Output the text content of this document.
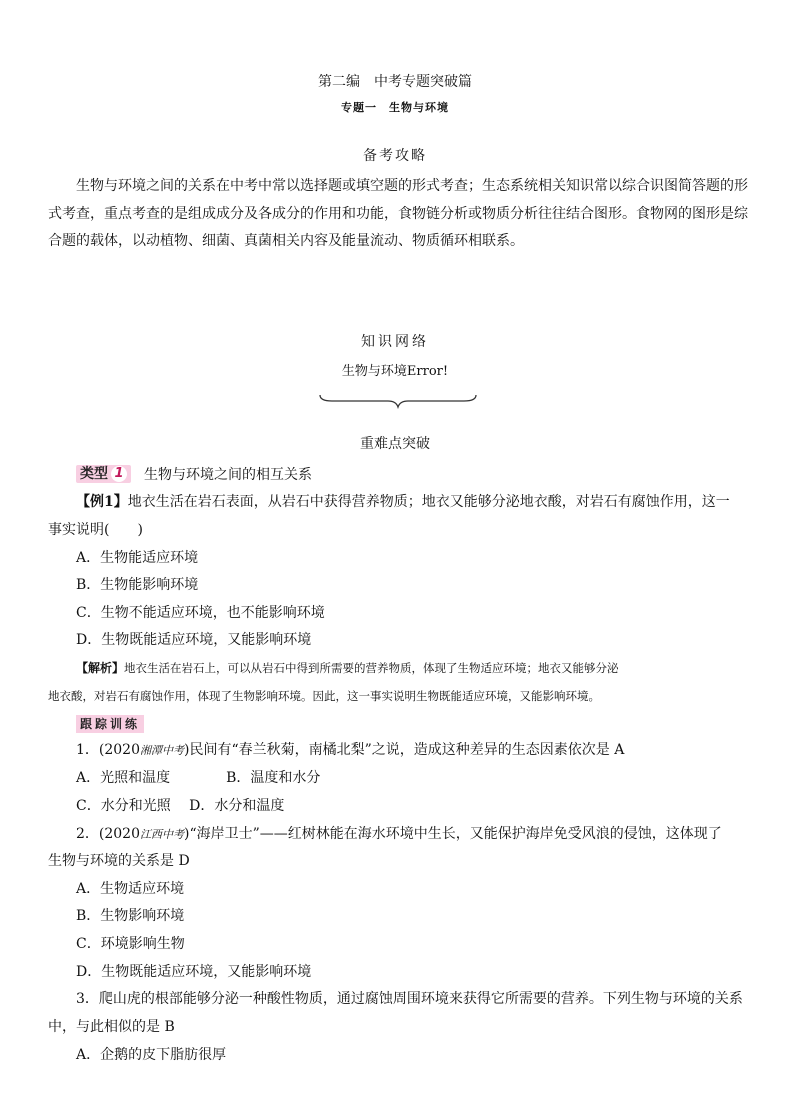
第二编　中考专题突破篇
专题一　生物与环境
备考攻略
生物与环境之间的关系在中考中常以选择题或填空题的形式考查；生态系统相关知识常以综合识图简答题的形式考查，重点考查的是组成成分及各成分的作用和功能，食物链分析或物质分析往往结合图形。食物网的图形是综合题的载体，以动植物、细菌、真菌相关内容及能量流动、物质循环相联系。
知识网络
生物与环境Error!
重难点突破
类型 1	生物与环境之间的相互关系
【例1】地衣生活在岩石表面，从岩石中获得营养物质；地衣又能够分泌地衣酸，对岩石有腐蚀作用，这一
事实说明(　　)
A．生物能适应环境
B．生物能影响环境
C．生物不能适应环境，也不能影响环境
D．生物既能适应环境，又能影响环境
【解析】地衣生活在岩石上，可以从岩石中得到所需要的营养物质，体现了生物适应环境；地衣又能够分泌
地衣酸，对岩石有腐蚀作用，体现了生物影响环境。因此，这一事实说明生物既能适应环境，又能影响环境。
跟踪训练
1．(2020湘潭中考)民间有“春兰秋菊，南橘北梨”之说，造成这种差异的生态因素依次是 A
A．光照和温度　　　　B．温度和水分
C．水分和光照　 D．水分和温度
2．(2020江西中考)“海岸卫士”——红树林能在海水环境中生长，又能保护海岸免受风浪的侵蚀，这体现了
生物与环境的关系是 D
A．生物适应环境
B．生物影响环境
C．环境影响生物
D．生物既能适应环境，又能影响环境
3．爬山虎的根部能够分泌一种酸性物质，通过腐蚀周围环境来获得它所需要的营养。下列生物与环境的关系
中，与此相似的是 B
A．企鹅的皮下脂肪很厚
